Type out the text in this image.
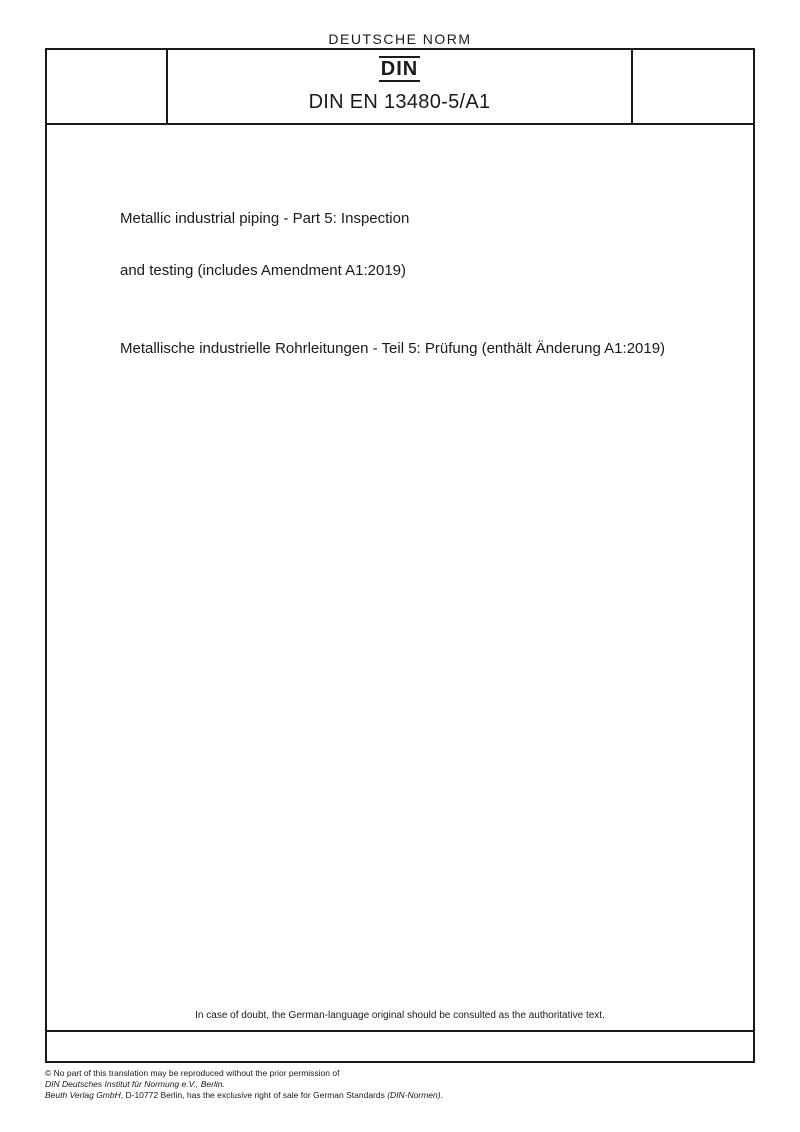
DEUTSCHE NORM
DIN
DIN EN 13480-5/A1

Metallic industrial piping - Part 5: Inspection

and testing (includes Amendment A1:2019)

Metallische industrielle Rohrleitungen - Teil 5: Prüfung (enthält Änderung A1:2019)
In case of doubt, the German-language original should be consulted as the authoritative text.
© No part of this translation may be reproduced without the prior permission of
DIN Deutsches Institut für Normung e.V., Berlin.
Beuth Verlag GmbH, D-10772 Berlin, has the exclusive right of sale for German Standards (DIN-Normen).
